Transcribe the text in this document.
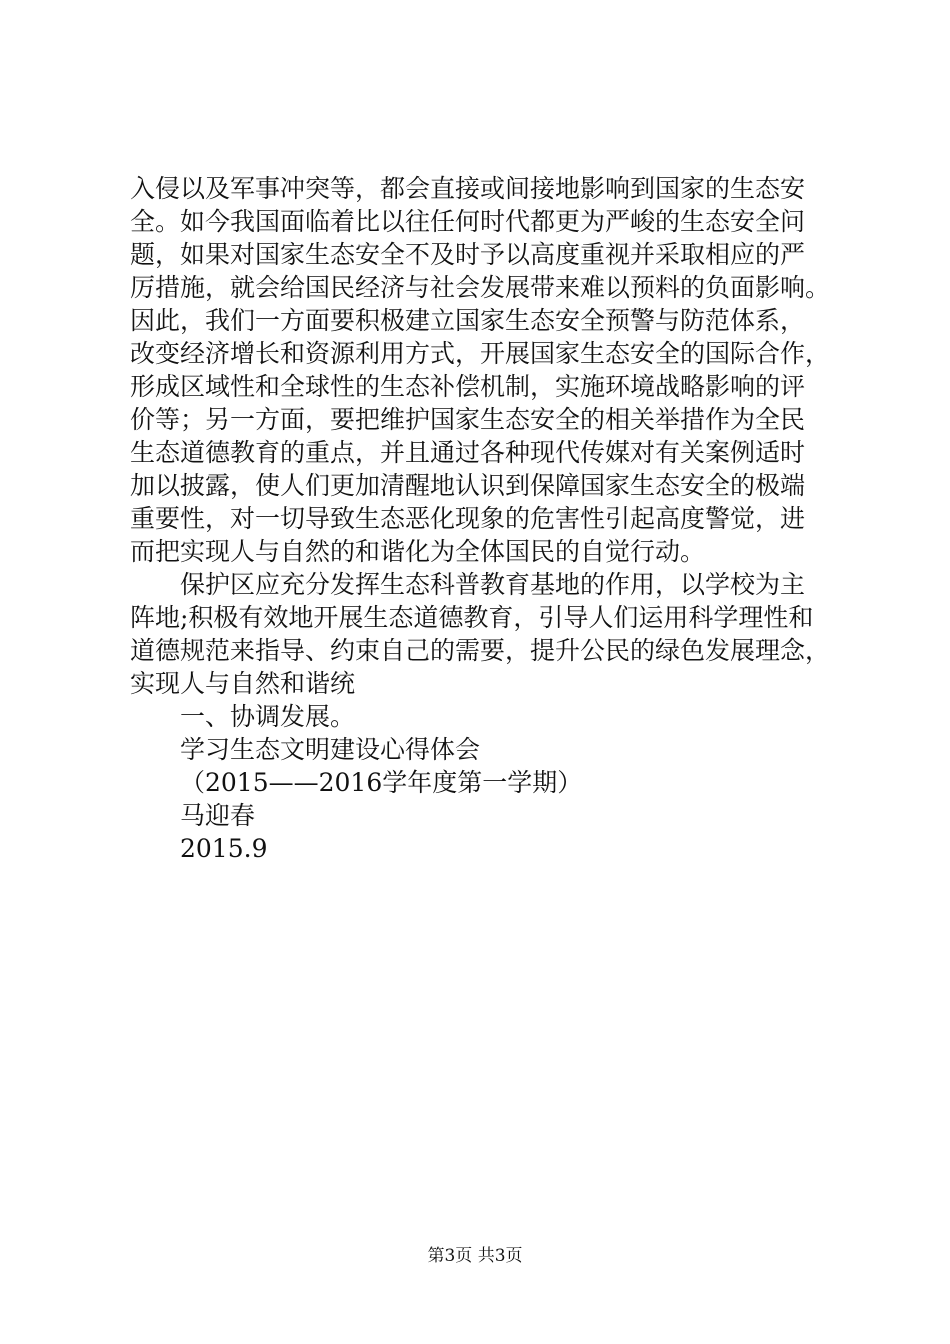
入侵以及军事冲突等，都会直接或间接地影响到国家的生态安
全。如今我国面临着比以往任何时代都更为严峻的生态安全问
题，如果对国家生态安全不及时予以高度重视并采取相应的严
厉措施，就会给国民经济与社会发展带来难以预料的负面影响。
因此，我们一方面要积极建立国家生态安全预警与防范体系，
改变经济增长和资源利用方式，开展国家生态安全的国际合作，
形成区域性和全球性的生态补偿机制，实施环境战略影响的评
价等；另一方面，要把维护国家生态安全的相关举措作为全民
生态道德教育的重点，并且通过各种现代传媒对有关案例适时
加以披露，使人们更加清醒地认识到保障国家生态安全的极端
重要性，对一切导致生态恶化现象的危害性引起高度警觉，进
而把实现人与自然的和谐化为全体国民的自觉行动。
保护区应充分发挥生态科普教育基地的作用，以学校为主
阵地;积极有效地开展生态道德教育，引导人们运用科学理性和
道德规范来指导、约束自己的需要，提升公民的绿色发展理念，
实现人与自然和谐统
一、协调发展。
学习生态文明建设心得体会
（2015——2016学年度第一学期）
马迎春
2015.9
第3页 共3页
